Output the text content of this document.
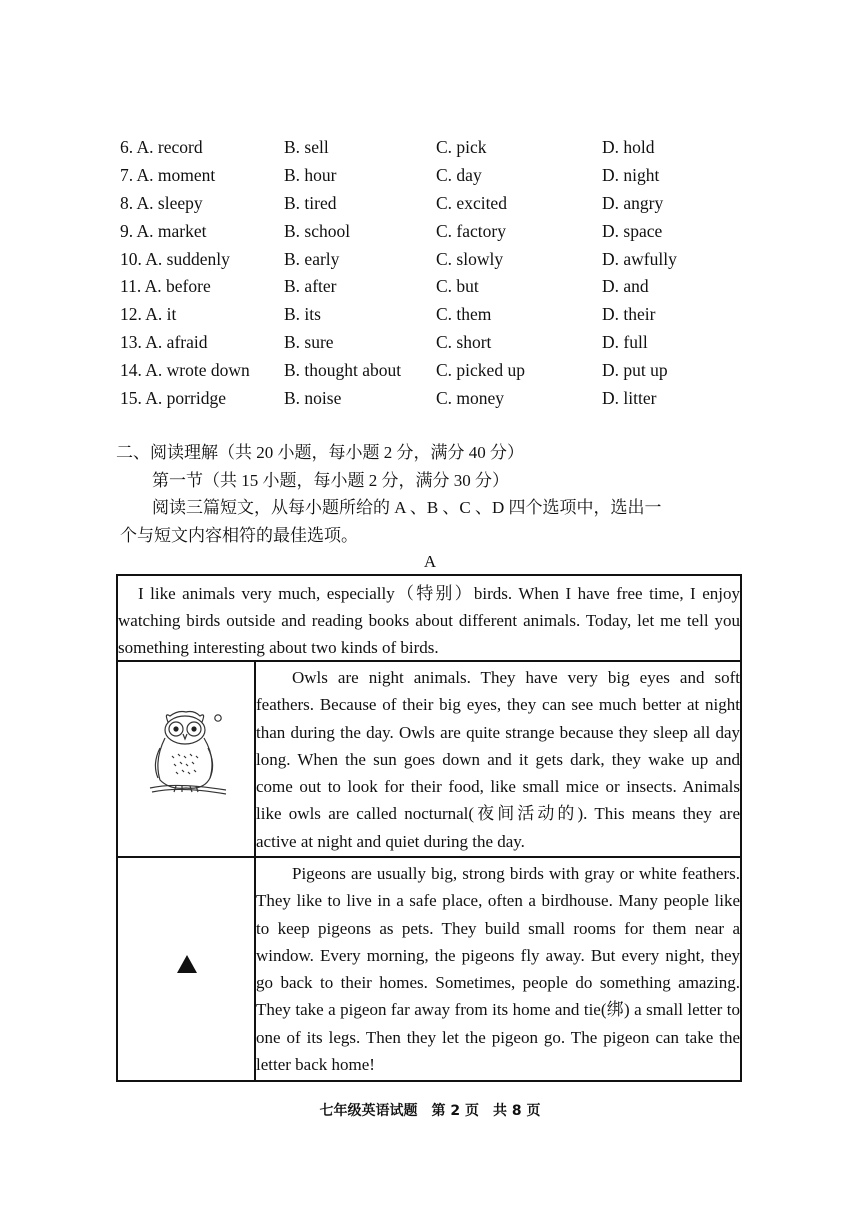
6. A. record	B. sell	C. pick	D. hold
7. A. moment	B. hour	C. day	D. night
8. A. sleepy	B. tired	C. excited	D. angry
9. A. market	B. school	C. factory	D. space
10. A. suddenly	B. early	C. slowly	D. awfully
11. A. before	B. after	C. but	D. and
12. A. it	B. its	C. them	D. their
13. A. afraid	B. sure	C. short	D. full
14. A. wrote down	B. thought about	C. picked up	D. put up
15. A. porridge	B. noise	C. money	D. litter
二、阅读理解（共 20 小题，每小题 2 分，满分 40 分）
第一节（共 15 小题，每小题 2 分，满分 30 分）
阅读三篇短文，从每小题所给的 A 、B 、C 、D 四个选项中，选出一
个与短文内容相符的最佳选项。
A

I like animals very much, especially（特别）birds. When I have free time, I enjoy watching birds outside and reading books about different animals. Today, let me tell you something interesting about two kinds of birds.

Owls are night animals. They have very big eyes and soft feathers. Because of their big eyes, they can see much better at night than during the day. Owls are quite strange because they sleep all day long. When the sun goes down and it gets dark, they wake up and come out to look for their food, like small mice or insects. Animals like owls are called nocturnal(夜间活动的). This means they are active at night and quiet during the day.

Pigeons are usually big, strong birds with gray or white feathers. They like to live in a safe place, often a birdhouse. Many people like to keep pigeons as pets. They build small rooms for them near a window. Every morning, the pigeons fly away. But every night, they go back to their homes. Sometimes, people do something amazing. They take a pigeon far away from its home and tie(绑) a small letter to one of its legs. Then they let the pigeon go. The pigeon can take the letter back home!

七年级英语试题　第 2 页　共 8 页
